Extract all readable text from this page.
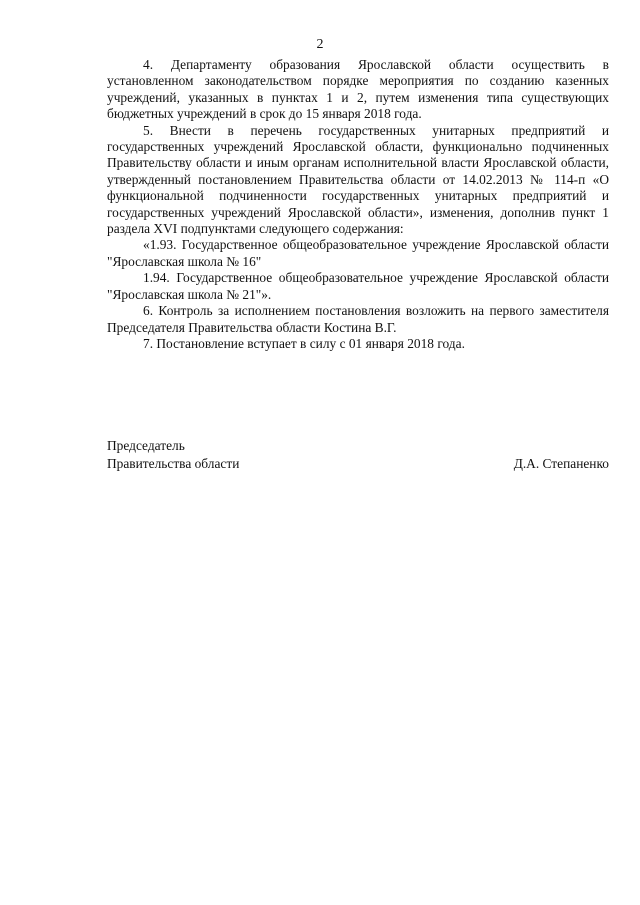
2

4. Департаменту образования Ярославской области осуществить в установленном законодательством порядке мероприятия по созданию казенных учреждений, указанных в пунктах 1 и 2, путем изменения типа существующих бюджетных учреждений в срок до 15 января 2018 года.

5. Внести в перечень государственных унитарных предприятий и государственных учреждений Ярославской области, функционально подчиненных Правительству области и иным органам исполнительной власти Ярославской области, утвержденный постановлением Правительства области от 14.02.2013 № 114-п «О функциональной подчиненности государственных унитарных предприятий и государственных учреждений Ярославской области», изменения, дополнив пункт 1 раздела XVI подпунктами следующего содержания:

«1.93. Государственное общеобразовательное учреждение Ярославской области "Ярославская школа № 16"

1.94. Государственное общеобразовательное учреждение Ярославской области "Ярославская школа № 21"».

6. Контроль за исполнением постановления возложить на первого заместителя Председателя Правительства области Костина В.Г.

7. Постановление вступает в силу с 01 января 2018 года.

Председатель
Правительства области	Д.А. Степаненко
